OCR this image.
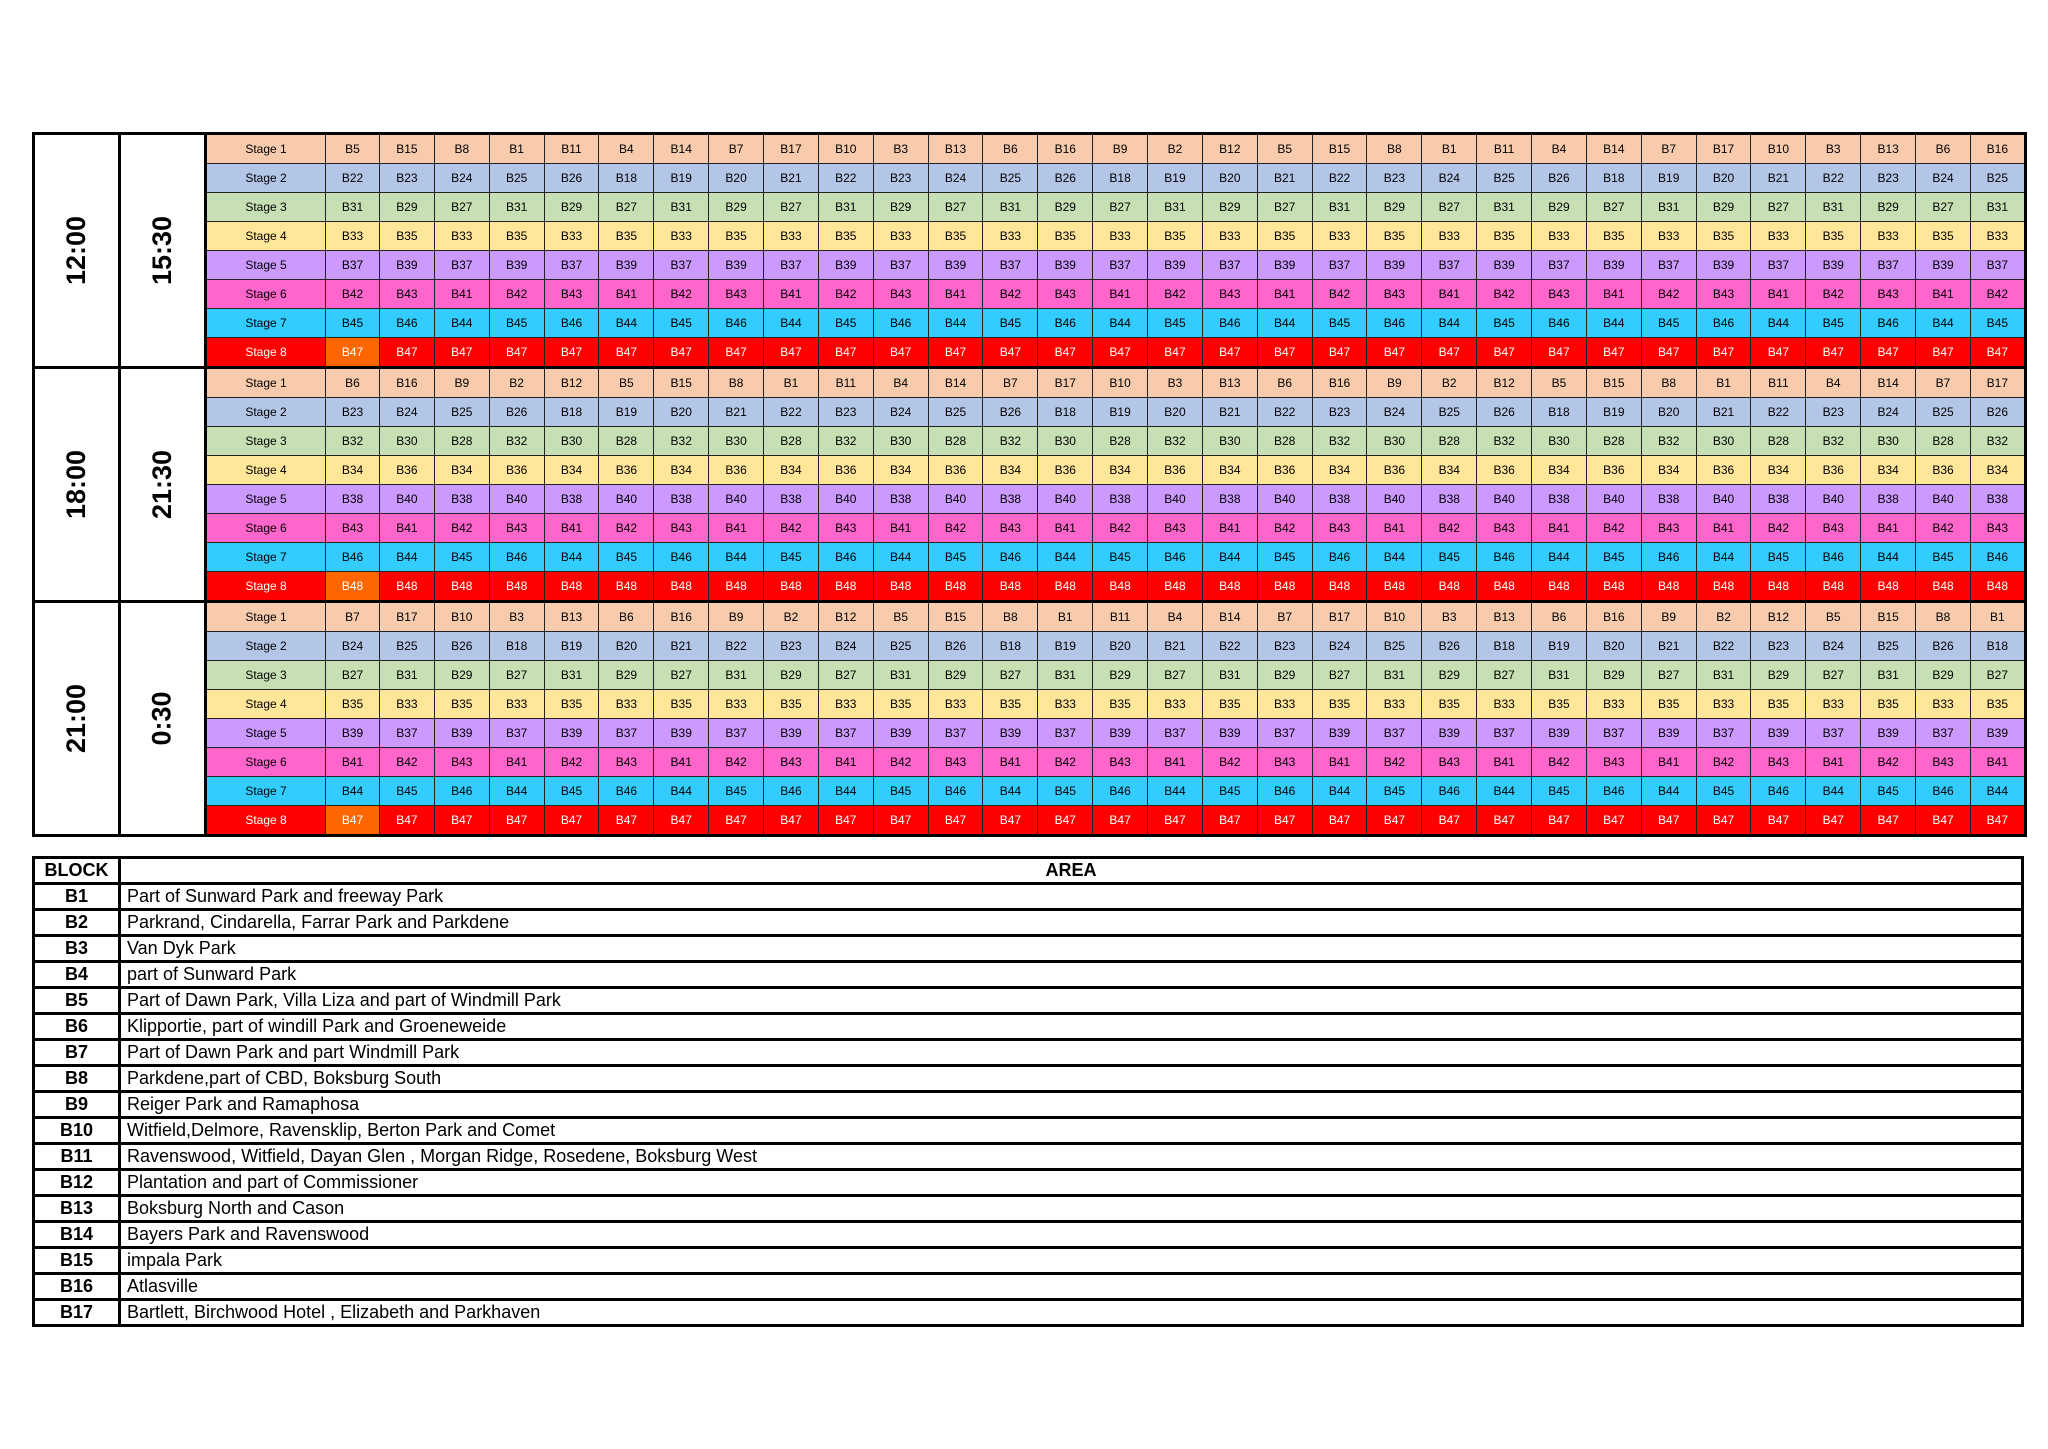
12:00	15:30	Stage 1	B5	B15	B8	B1	B11	B4	B14	B7	B17	B10	B3	B13	B6	B16	B9	B2	B12	B5	B15	B8	B1	B11	B4	B14	B7	B17	B10	B3	B13	B6	B16
		Stage 2	B22	B23	B24	B25	B26	B18	B19	B20	B21	B22	B23	B24	B25	B26	B18	B19	B20	B21	B22	B23	B24	B25	B26	B18	B19	B20	B21	B22	B23	B24	B25
		Stage 3	B31	B29	B27	B31	B29	B27	B31	B29	B27	B31	B29	B27	B31	B29	B27	B31	B29	B27	B31	B29	B27	B31	B29	B27	B31	B29	B27	B31	B29	B27	B31
		Stage 4	B33	B35	B33	B35	B33	B35	B33	B35	B33	B35	B33	B35	B33	B35	B33	B35	B33	B35	B33	B35	B33	B35	B33	B35	B33	B35	B33	B35	B33	B35	B33
		Stage 5	B37	B39	B37	B39	B37	B39	B37	B39	B37	B39	B37	B39	B37	B39	B37	B39	B37	B39	B37	B39	B37	B39	B37	B39	B37	B39	B37	B39	B37	B39	B37
		Stage 6	B42	B43	B41	B42	B43	B41	B42	B43	B41	B42	B43	B41	B42	B43	B41	B42	B43	B41	B42	B43	B41	B42	B43	B41	B42	B43	B41	B42	B43	B41	B42
		Stage 7	B45	B46	B44	B45	B46	B44	B45	B46	B44	B45	B46	B44	B45	B46	B44	B45	B46	B44	B45	B46	B44	B45	B46	B44	B45	B46	B44	B45	B46	B44	B45
		Stage 8	B47	B47	B47	B47	B47	B47	B47	B47	B47	B47	B47	B47	B47	B47	B47	B47	B47	B47	B47	B47	B47	B47	B47	B47	B47	B47	B47	B47	B47	B47	B47
18:00	21:30	Stage 1	B6	B16	B9	B2	B12	B5	B15	B8	B1	B11	B4	B14	B7	B17	B10	B3	B13	B6	B16	B9	B2	B12	B5	B15	B8	B1	B11	B4	B14	B7	B17
		Stage 2	B23	B24	B25	B26	B18	B19	B20	B21	B22	B23	B24	B25	B26	B18	B19	B20	B21	B22	B23	B24	B25	B26	B18	B19	B20	B21	B22	B23	B24	B25	B26
		Stage 3	B32	B30	B28	B32	B30	B28	B32	B30	B28	B32	B30	B28	B32	B30	B28	B32	B30	B28	B32	B30	B28	B32	B30	B28	B32	B30	B28	B32	B30	B28	B32
		Stage 4	B34	B36	B34	B36	B34	B36	B34	B36	B34	B36	B34	B36	B34	B36	B34	B36	B34	B36	B34	B36	B34	B36	B34	B36	B34	B36	B34	B36	B34	B36	B34
		Stage 5	B38	B40	B38	B40	B38	B40	B38	B40	B38	B40	B38	B40	B38	B40	B38	B40	B38	B40	B38	B40	B38	B40	B38	B40	B38	B40	B38	B40	B38	B40	B38
		Stage 6	B43	B41	B42	B43	B41	B42	B43	B41	B42	B43	B41	B42	B43	B41	B42	B43	B41	B42	B43	B41	B42	B43	B41	B42	B43	B41	B42	B43	B41	B42	B43
		Stage 7	B46	B44	B45	B46	B44	B45	B46	B44	B45	B46	B44	B45	B46	B44	B45	B46	B44	B45	B46	B44	B45	B46	B44	B45	B46	B44	B45	B46	B44	B45	B46
		Stage 8	B48	B48	B48	B48	B48	B48	B48	B48	B48	B48	B48	B48	B48	B48	B48	B48	B48	B48	B48	B48	B48	B48	B48	B48	B48	B48	B48	B48	B48	B48	B48
21:00	0:30	Stage 1	B7	B17	B10	B3	B13	B6	B16	B9	B2	B12	B5	B15	B8	B1	B11	B4	B14	B7	B17	B10	B3	B13	B6	B16	B9	B2	B12	B5	B15	B8	B1
		Stage 2	B24	B25	B26	B18	B19	B20	B21	B22	B23	B24	B25	B26	B18	B19	B20	B21	B22	B23	B24	B25	B26	B18	B19	B20	B21	B22	B23	B24	B25	B26	B18
		Stage 3	B27	B31	B29	B27	B31	B29	B27	B31	B29	B27	B31	B29	B27	B31	B29	B27	B31	B29	B27	B31	B29	B27	B31	B29	B27	B31	B29	B27	B31	B29	B27
		Stage 4	B35	B33	B35	B33	B35	B33	B35	B33	B35	B33	B35	B33	B35	B33	B35	B33	B35	B33	B35	B33	B35	B33	B35	B33	B35	B33	B35	B33	B35	B33	B35
		Stage 5	B39	B37	B39	B37	B39	B37	B39	B37	B39	B37	B39	B37	B39	B37	B39	B37	B39	B37	B39	B37	B39	B37	B39	B37	B39	B37	B39	B37	B39	B37	B39
		Stage 6	B41	B42	B43	B41	B42	B43	B41	B42	B43	B41	B42	B43	B41	B42	B43	B41	B42	B43	B41	B42	B43	B41	B42	B43	B41	B42	B43	B41	B42	B43	B41
		Stage 7	B44	B45	B46	B44	B45	B46	B44	B45	B46	B44	B45	B46	B44	B45	B46	B44	B45	B46	B44	B45	B46	B44	B45	B46	B44	B45	B46	B44	B45	B46	B44
		Stage 8	B47	B47	B47	B47	B47	B47	B47	B47	B47	B47	B47	B47	B47	B47	B47	B47	B47	B47	B47	B47	B47	B47	B47	B47	B47	B47	B47	B47	B47	B47	B47
BLOCK	AREA
B1	Part of Sunward Park and freeway Park
B2	Parkrand, Cindarella, Farrar Park and Parkdene
B3	Van Dyk Park
B4	part of Sunward Park
B5	Part of Dawn Park, Villa Liza and part of Windmill Park
B6	Klipportie, part of windill Park and Groeneweide
B7	Part of Dawn Park and part Windmill Park
B8	Parkdene,part of CBD, Boksburg South
B9	Reiger Park and Ramaphosa
B10	Witfield,Delmore, Ravensklip, Berton Park and Comet
B11	Ravenswood, Witfield, Dayan Glen , Morgan Ridge, Rosedene, Boksburg West
B12	Plantation and part of Commissioner
B13	Boksburg North and Cason
B14	Bayers Park and Ravenswood
B15	impala Park
B16	Atlasville
B17	Bartlett, Birchwood Hotel , Elizabeth and Parkhaven
